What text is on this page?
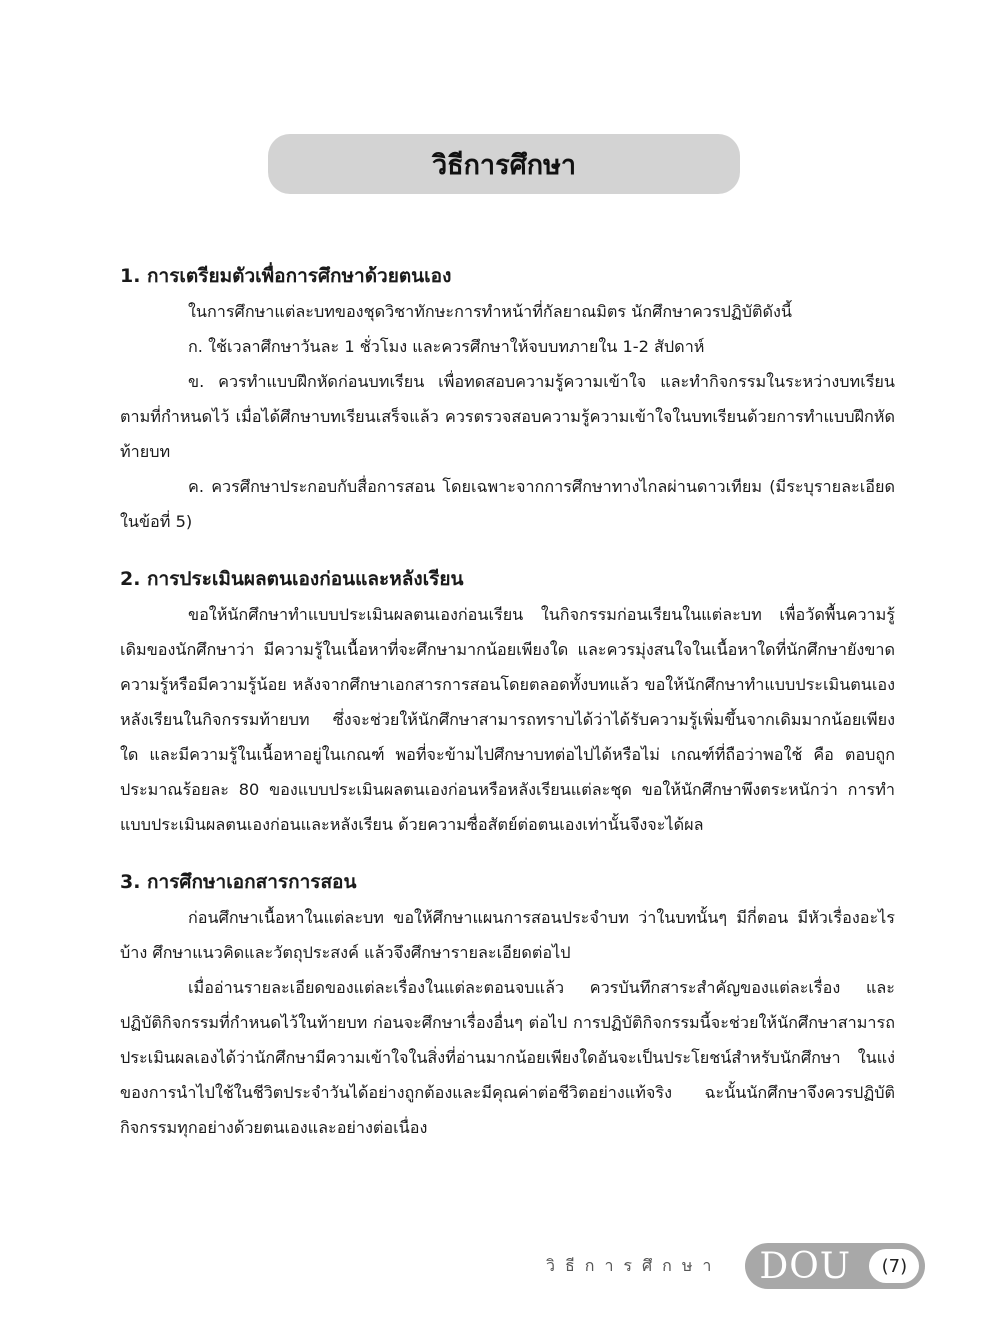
วิธีการศึกษา
1. การเตรียมตัวเพื่อการศึกษาด้วยตนเอง

ในการศึกษาแต่ละบทของชุดวิชาทักษะการทำหน้าที่กัลยาณมิตร นักศึกษาควรปฏิบัติดังนี้

ก. ใช้เวลาศึกษาวันละ 1 ชั่วโมง และควรศึกษาให้จบบทภายใน 1-2 สัปดาห์

ข. ควรทำแบบฝึกหัดก่อนบทเรียน เพื่อทดสอบความรู้ความเข้าใจ และทำกิจกรรมในระหว่างบทเรียนตามที่กำหนดไว้ เมื่อได้ศึกษาบทเรียนเสร็จแล้ว ควรตรวจสอบความรู้ความเข้าใจในบทเรียนด้วยการทำแบบฝึกหัดท้ายบท

ค. ควรศึกษาประกอบกับสื่อการสอน โดยเฉพาะจากการศึกษาทางไกลผ่านดาวเทียม (มีระบุรายละเอียดในข้อที่ 5)

2. การประเมินผลตนเองก่อนและหลังเรียน

ขอให้นักศึกษาทำแบบประเมินผลตนเองก่อนเรียน ในกิจกรรมก่อนเรียนในแต่ละบท เพื่อวัดพื้นความรู้เดิมของนักศึกษาว่า มีความรู้ในเนื้อหาที่จะศึกษามากน้อยเพียงใด และควรมุ่งสนใจในเนื้อหาใดที่นักศึกษายังขาดความรู้หรือมีความรู้น้อย หลังจากศึกษาเอกสารการสอนโดยตลอดทั้งบทแล้ว ขอให้นักศึกษาทำแบบประเมินตนเองหลังเรียนในกิจกรรมท้ายบท ซึ่งจะช่วยให้นักศึกษาสามารถทราบได้ว่าได้รับความรู้เพิ่มขึ้นจากเดิมมากน้อยเพียงใด และมีความรู้ในเนื้อหาอยู่ในเกณฑ์ พอที่จะข้ามไปศึกษาบทต่อไปได้หรือไม่ เกณฑ์ที่ถือว่าพอใช้ คือ ตอบถูกประมาณร้อยละ 80 ของแบบประเมินผลตนเองก่อนหรือหลังเรียนแต่ละชุด ขอให้นักศึกษาพึงตระหนักว่า การทำแบบประเมินผลตนเองก่อนและหลังเรียน ด้วยความซื่อสัตย์ต่อตนเองเท่านั้นจึงจะได้ผล

3. การศึกษาเอกสารการสอน

ก่อนศึกษาเนื้อหาในแต่ละบท ขอให้ศึกษาแผนการสอนประจำบท ว่าในบทนั้นๆ มีกี่ตอน มีหัวเรื่องอะไรบ้าง ศึกษาแนวคิดและวัตถุประสงค์ แล้วจึงศึกษารายละเอียดต่อไป

เมื่ออ่านรายละเอียดของแต่ละเรื่องในแต่ละตอนจบแล้ว ควรบันทึกสาระสำคัญของแต่ละเรื่อง และปฏิบัติกิจกรรมที่กำหนดไว้ในท้ายบท ก่อนจะศึกษาเรื่องอื่นๆ ต่อไป การปฏิบัติกิจกรรมนี้จะช่วยให้นักศึกษาสามารถประเมินผลเองได้ว่านักศึกษามีความเข้าใจในสิ่งที่อ่านมากน้อยเพียงใดอันจะเป็นประโยชน์สำหรับนักศึกษา ในแง่ของการนำไปใช้ในชีวิตประจำวันได้อย่างถูกต้องและมีคุณค่าต่อชีวิตอย่างแท้จริง ฉะนั้นนักศึกษาจึงควรปฏิบัติกิจกรรมทุกอย่างด้วยตนเองและอย่างต่อเนื่อง

วิธีการศึกษา DOU	(7)
